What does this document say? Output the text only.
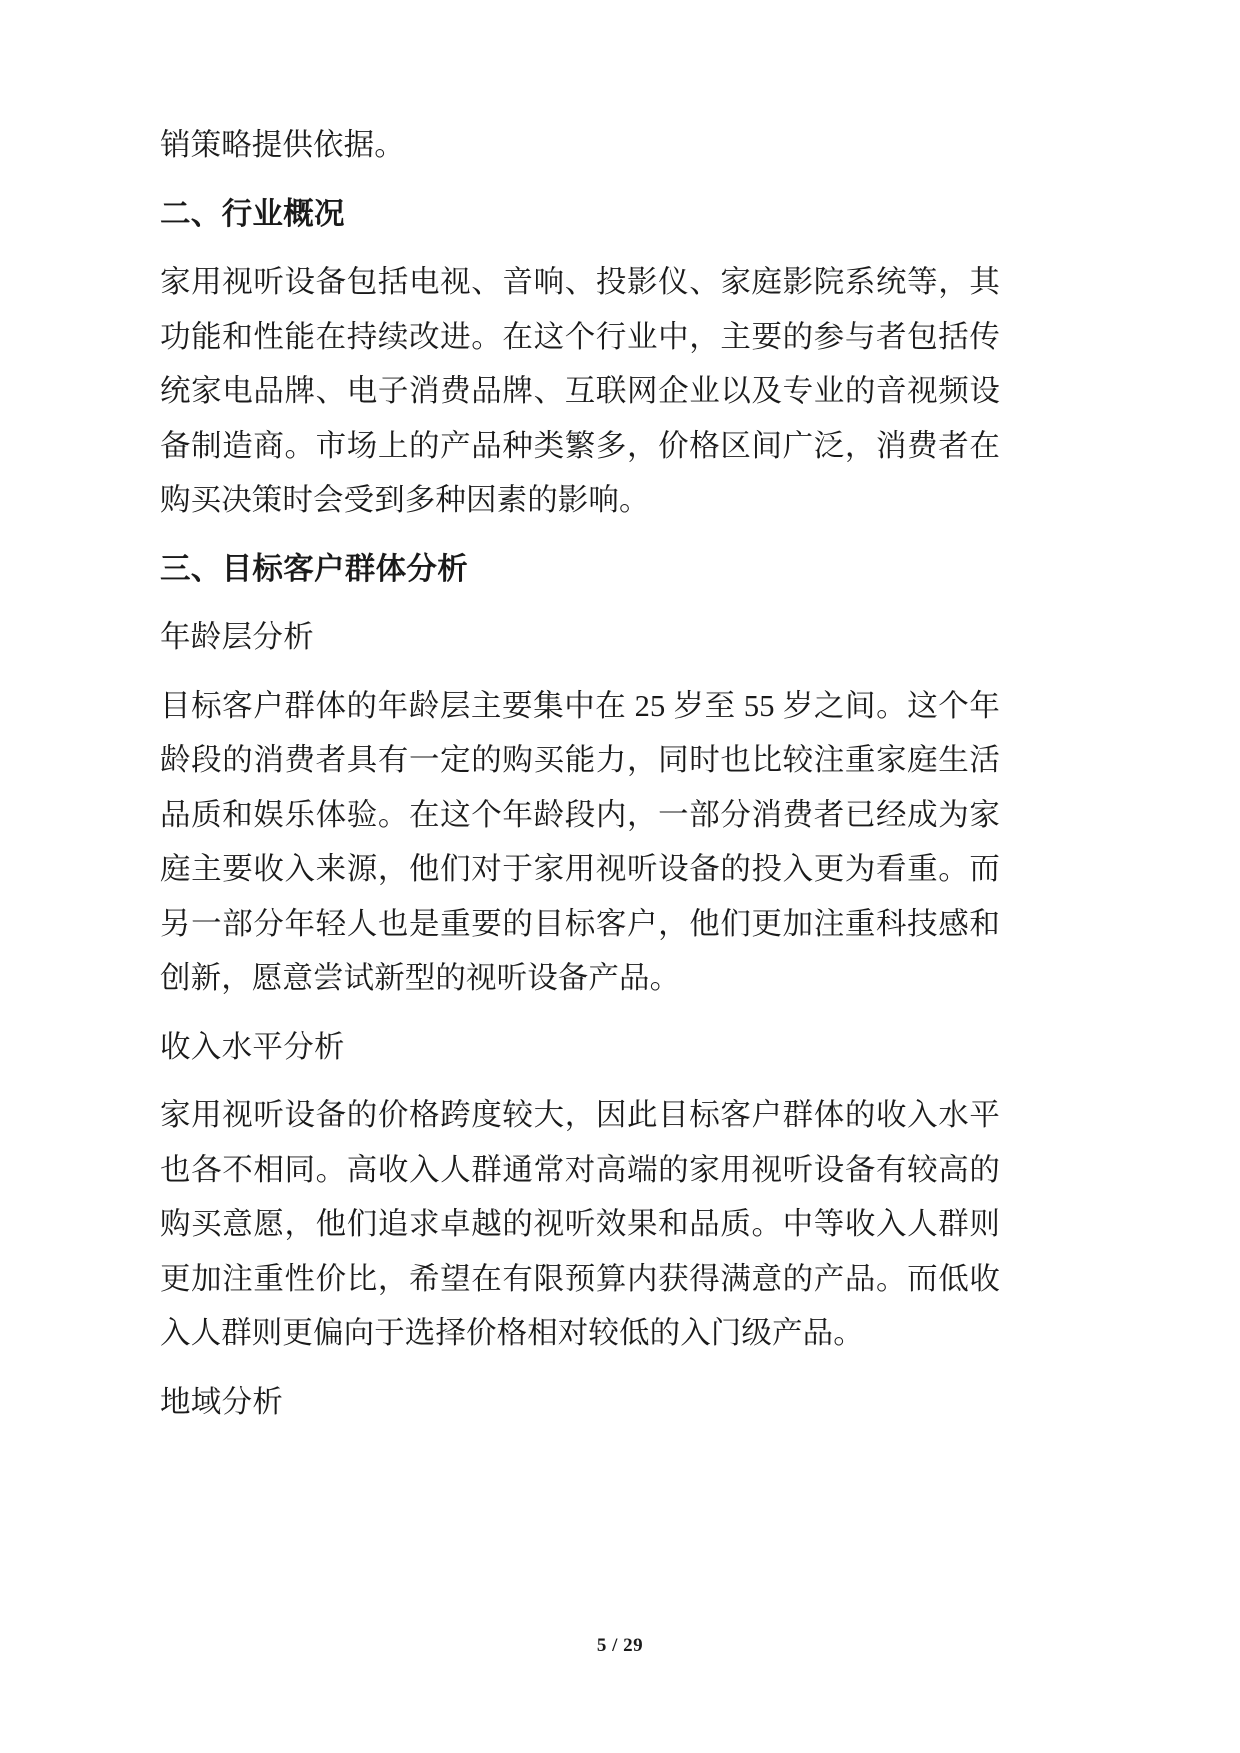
销策略提供依据。

二、行业概况

家用视听设备包括电视、音响、投影仪、家庭影院系统等，其功能和性能在持续改进。在这个行业中，主要的参与者包括传统家电品牌、电子消费品牌、互联网企业以及专业的音视频设备制造商。市场上的产品种类繁多，价格区间广泛，消费者在购买决策时会受到多种因素的影响。

三、目标客户群体分析
年龄层分析

目标客户群体的年龄层主要集中在 25 岁至 55 岁之间。这个年龄段的消费者具有一定的购买能力，同时也比较注重家庭生活品质和娱乐体验。在这个年龄段内，一部分消费者已经成为家庭主要收入来源，他们对于家用视听设备的投入更为看重。而另一部分年轻人也是重要的目标客户，他们更加注重科技感和创新，愿意尝试新型的视听设备产品。

收入水平分析

家用视听设备的价格跨度较大，因此目标客户群体的收入水平也各不相同。高收入人群通常对高端的家用视听设备有较高的购买意愿，他们追求卓越的视听效果和品质。中等收入人群则更加注重性价比，希望在有限预算内获得满意的产品。而低收入人群则更偏向于选择价格相对较低的入门级产品。

地域分析
5 / 29
